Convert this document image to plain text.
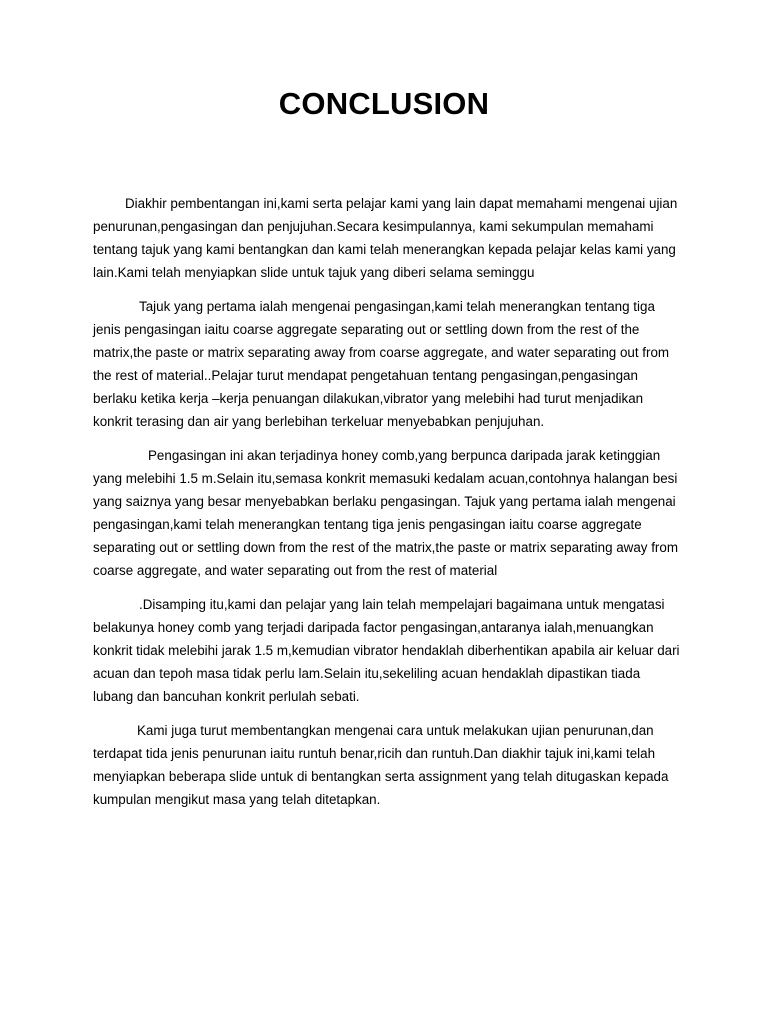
CONCLUSION

Diakhir pembentangan ini,kami serta pelajar kami yang lain dapat memahami mengenai ujian penurunan,pengasingan dan penjujuhan.Secara kesimpulannya, kami sekumpulan memahami tentang tajuk yang kami bentangkan dan kami telah menerangkan kepada pelajar kelas kami yang lain.Kami telah menyiapkan slide untuk tajuk yang diberi selama seminggu

Tajuk yang pertama ialah mengenai pengasingan,kami telah menerangkan tentang tiga jenis pengasingan iaitu coarse aggregate separating out or settling down from the rest of the matrix,the paste or matrix separating away from coarse aggregate, and water separating out from the rest of material..Pelajar turut mendapat pengetahuan tentang pengasingan,pengasingan berlaku ketika kerja –kerja penuangan dilakukan,vibrator yang melebihi had turut menjadikan konkrit terasing dan air yang berlebihan terkeluar menyebabkan penjujuhan.

Pengasingan ini akan terjadinya honey comb,yang berpunca daripada jarak ketinggian yang melebihi 1.5 m.Selain itu,semasa konkrit memasuki kedalam acuan,contohnya halangan besi yang saiznya yang besar menyebabkan berlaku pengasingan. Tajuk yang pertama ialah mengenai pengasingan,kami telah menerangkan tentang tiga jenis pengasingan iaitu coarse aggregate separating out or settling down from the rest of the matrix,the paste or matrix separating away from coarse aggregate, and water separating out from the rest of material

.Disamping itu,kami dan pelajar yang lain telah mempelajari bagaimana untuk mengatasi belakunya honey comb yang terjadi daripada factor pengasingan,antaranya ialah,menuangkan konkrit tidak melebihi jarak 1.5 m,kemudian vibrator hendaklah diberhentikan apabila air keluar dari acuan dan tepoh masa tidak perlu lam.Selain itu,sekeliling acuan hendaklah dipastikan tiada lubang dan bancuhan konkrit perlulah sebati.

Kami juga turut membentangkan mengenai cara untuk melakukan ujian penurunan,dan terdapat tida jenis penurunan iaitu runtuh benar,ricih dan runtuh.Dan diakhir tajuk ini,kami telah menyiapkan beberapa slide untuk di bentangkan serta assignment yang telah ditugaskan kepada kumpulan mengikut masa yang telah ditetapkan.
